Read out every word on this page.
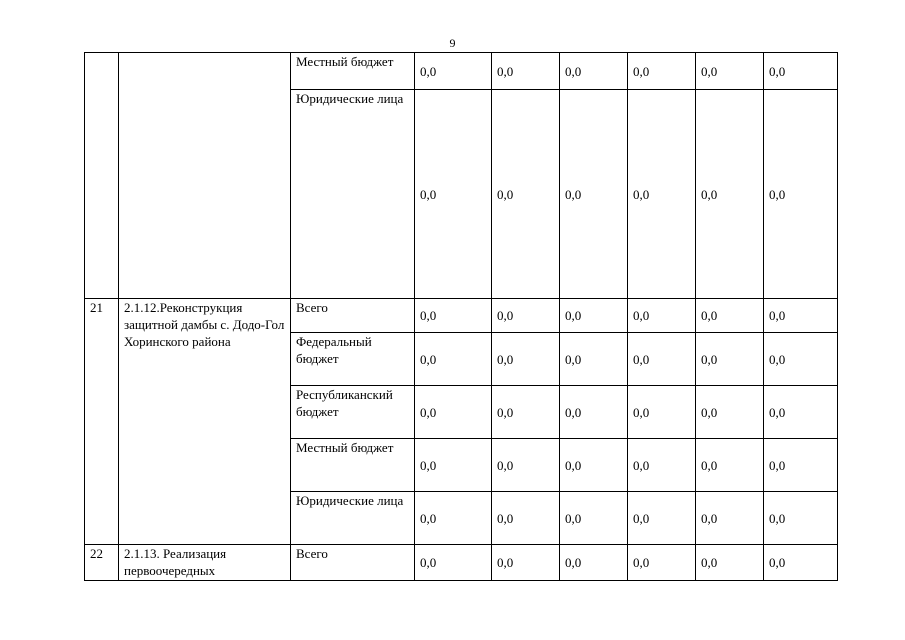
9
		Местный бюджет	0,0	0,0	0,0	0,0	0,0	0,0
		Юридические лица	0,0	0,0	0,0	0,0	0,0	0,0
21	2.1.12.Реконструкция защитной дамбы с. Додо-Гол Хоринского района	Всего	0,0	0,0	0,0	0,0	0,0	0,0
		Федеральный бюджет	0,0	0,0	0,0	0,0	0,0	0,0
		Республиканский бюджет	0,0	0,0	0,0	0,0	0,0	0,0
		Местный бюджет	0,0	0,0	0,0	0,0	0,0	0,0
		Юридические лица	0,0	0,0	0,0	0,0	0,0	0,0
22	2.1.13. Реализация первоочередных	Всего	0,0	0,0	0,0	0,0	0,0	0,0
